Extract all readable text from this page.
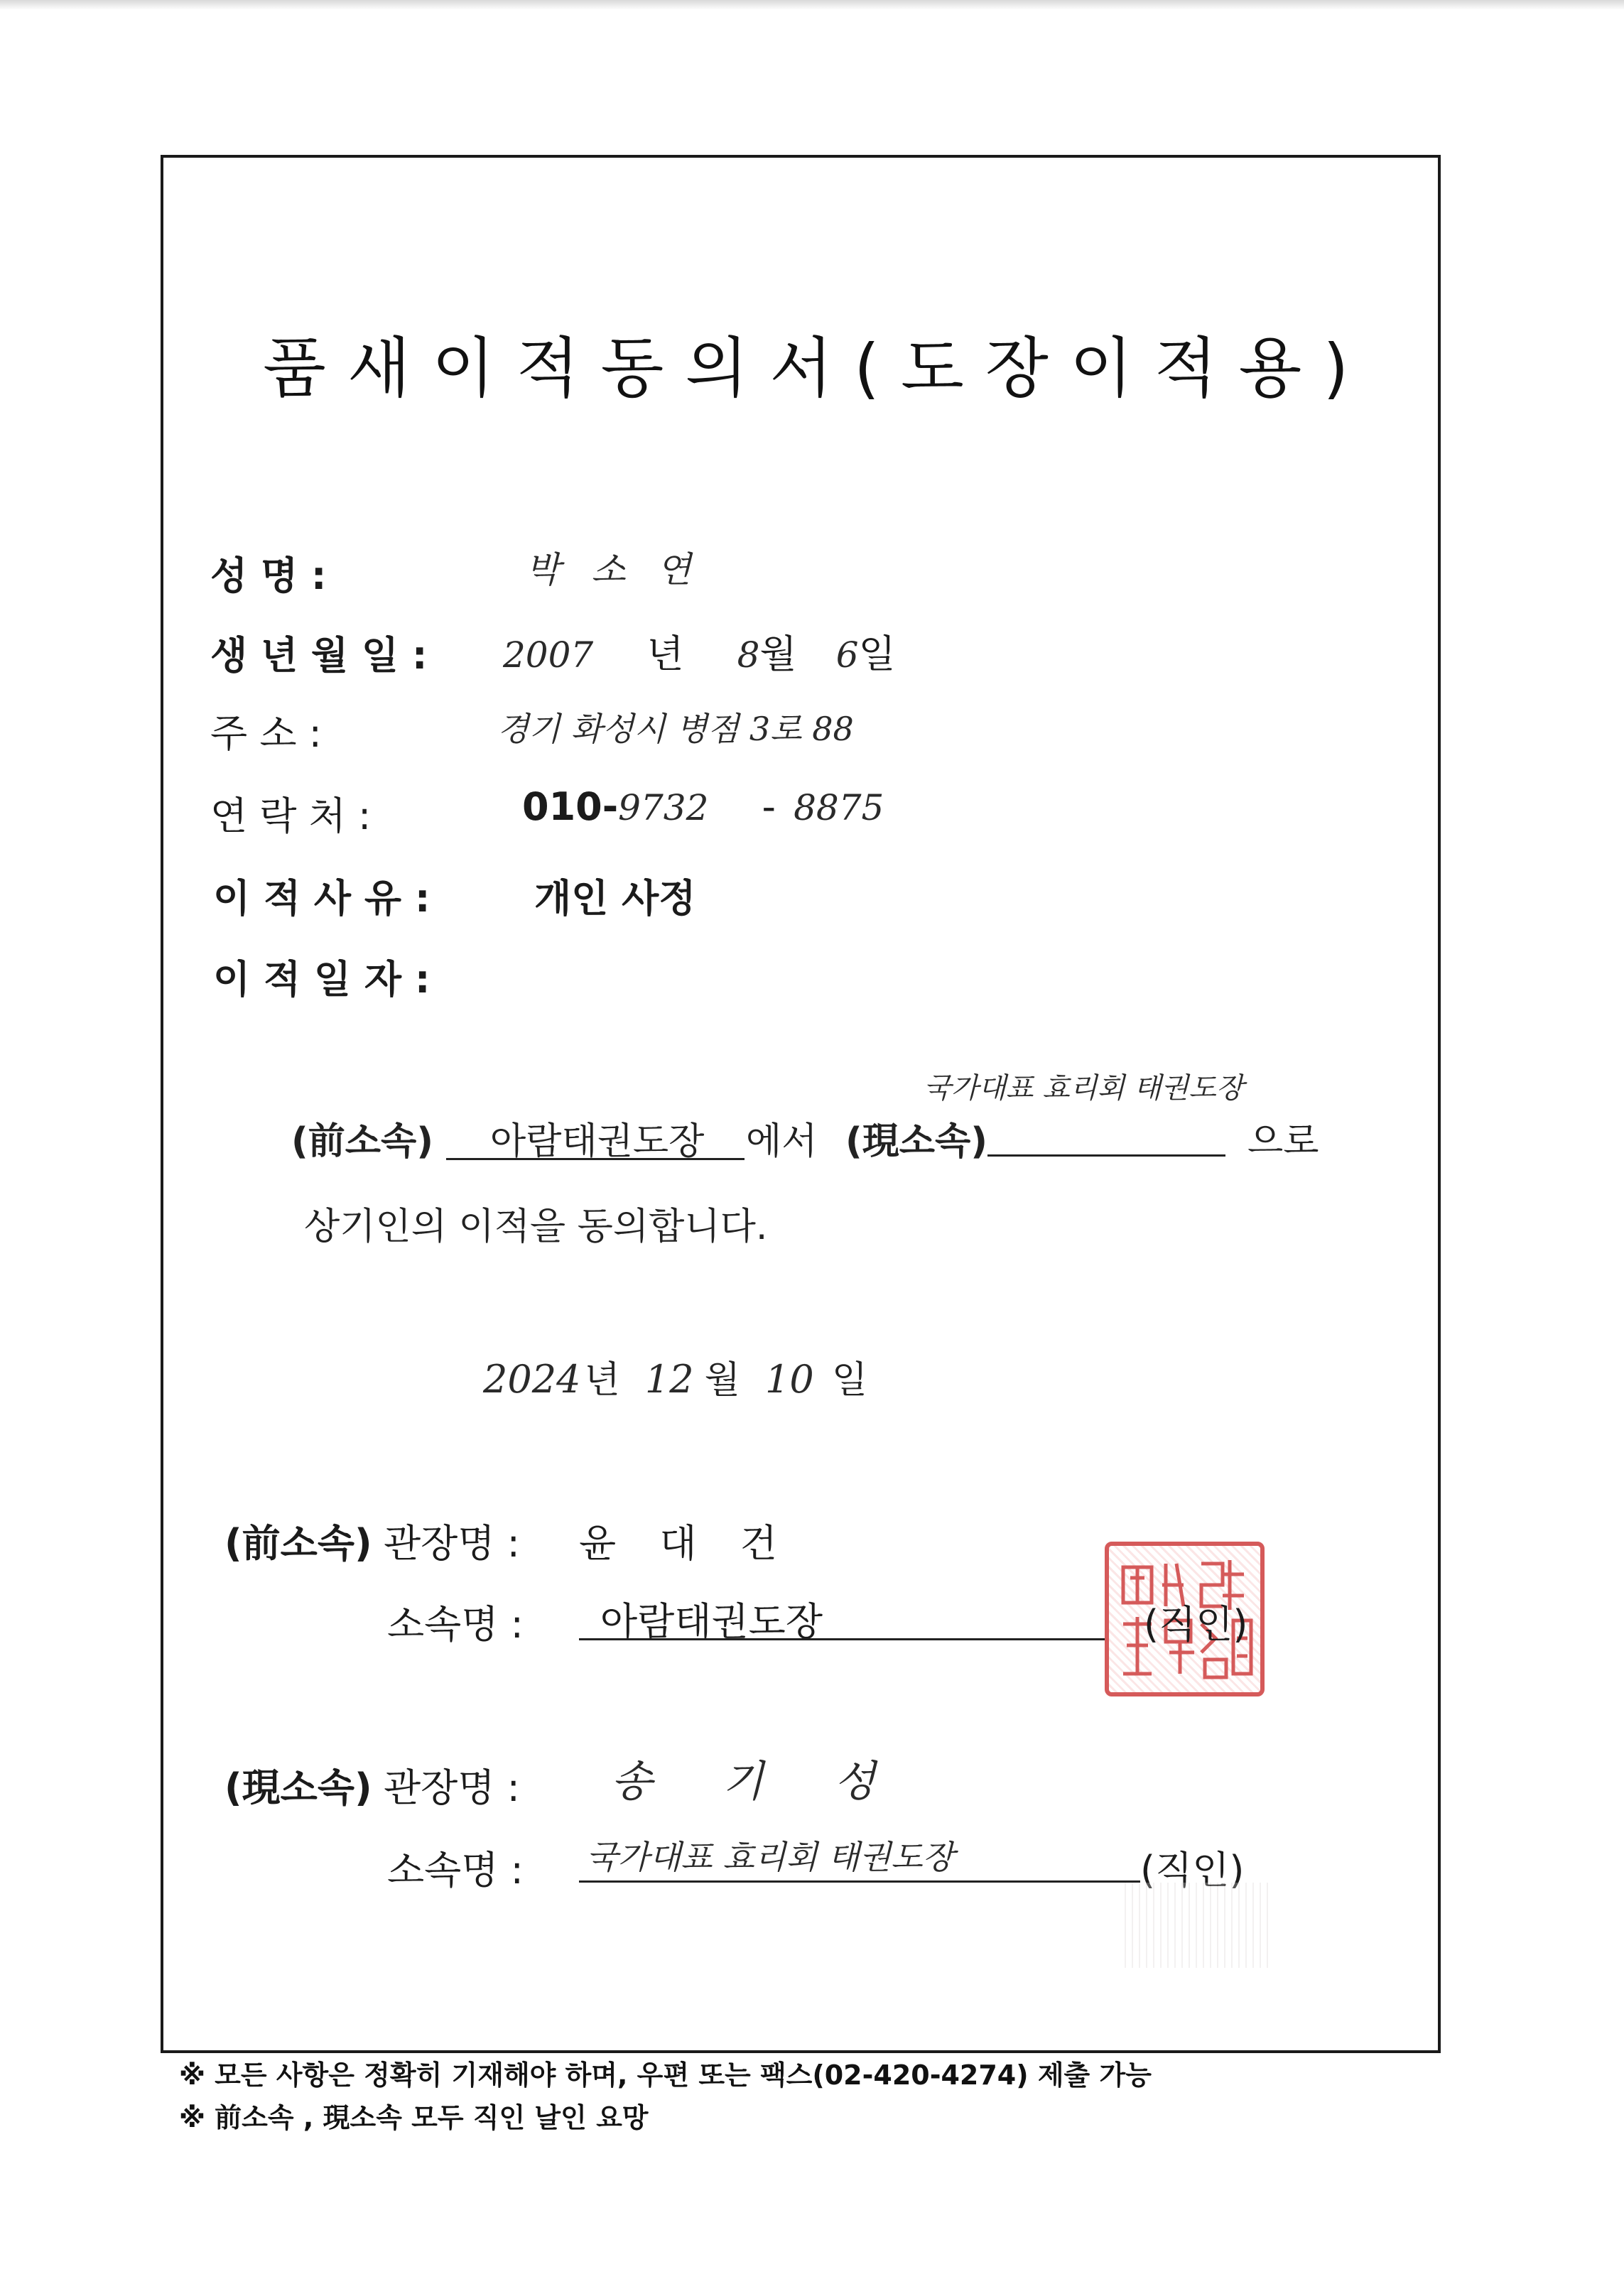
품새이적동의서(도장이적용)
성 명 :	박 소 연
생 년 월 일 : 2007 년 8월 6일
주 소 :	경기 화성시 병점 3로 88
연 락 처 :	010-9732 - 8875
이 적 사 유 :	개인 사정
이 적 일 자 :
(前소속) 아람태권도장 에서 (現소속)
국가대표 효리회 태권도장
으로
상기인의 이적을 동의합니다.
2024 년 12 월 10 일
(前소속) 관장명 : 윤 대 건
소속명 : 아람태권도장	(직인)
(現소속) 관장명 : 송 기 성
소속명 : 국가대표 효리회 태권도장	(직인)
※ 모든 사항은 정확히 기재해야 하며, 우편 또는 팩스(02-420-4274) 제출 가능
※ 前소속 , 現소속 모두 직인 날인 요망
